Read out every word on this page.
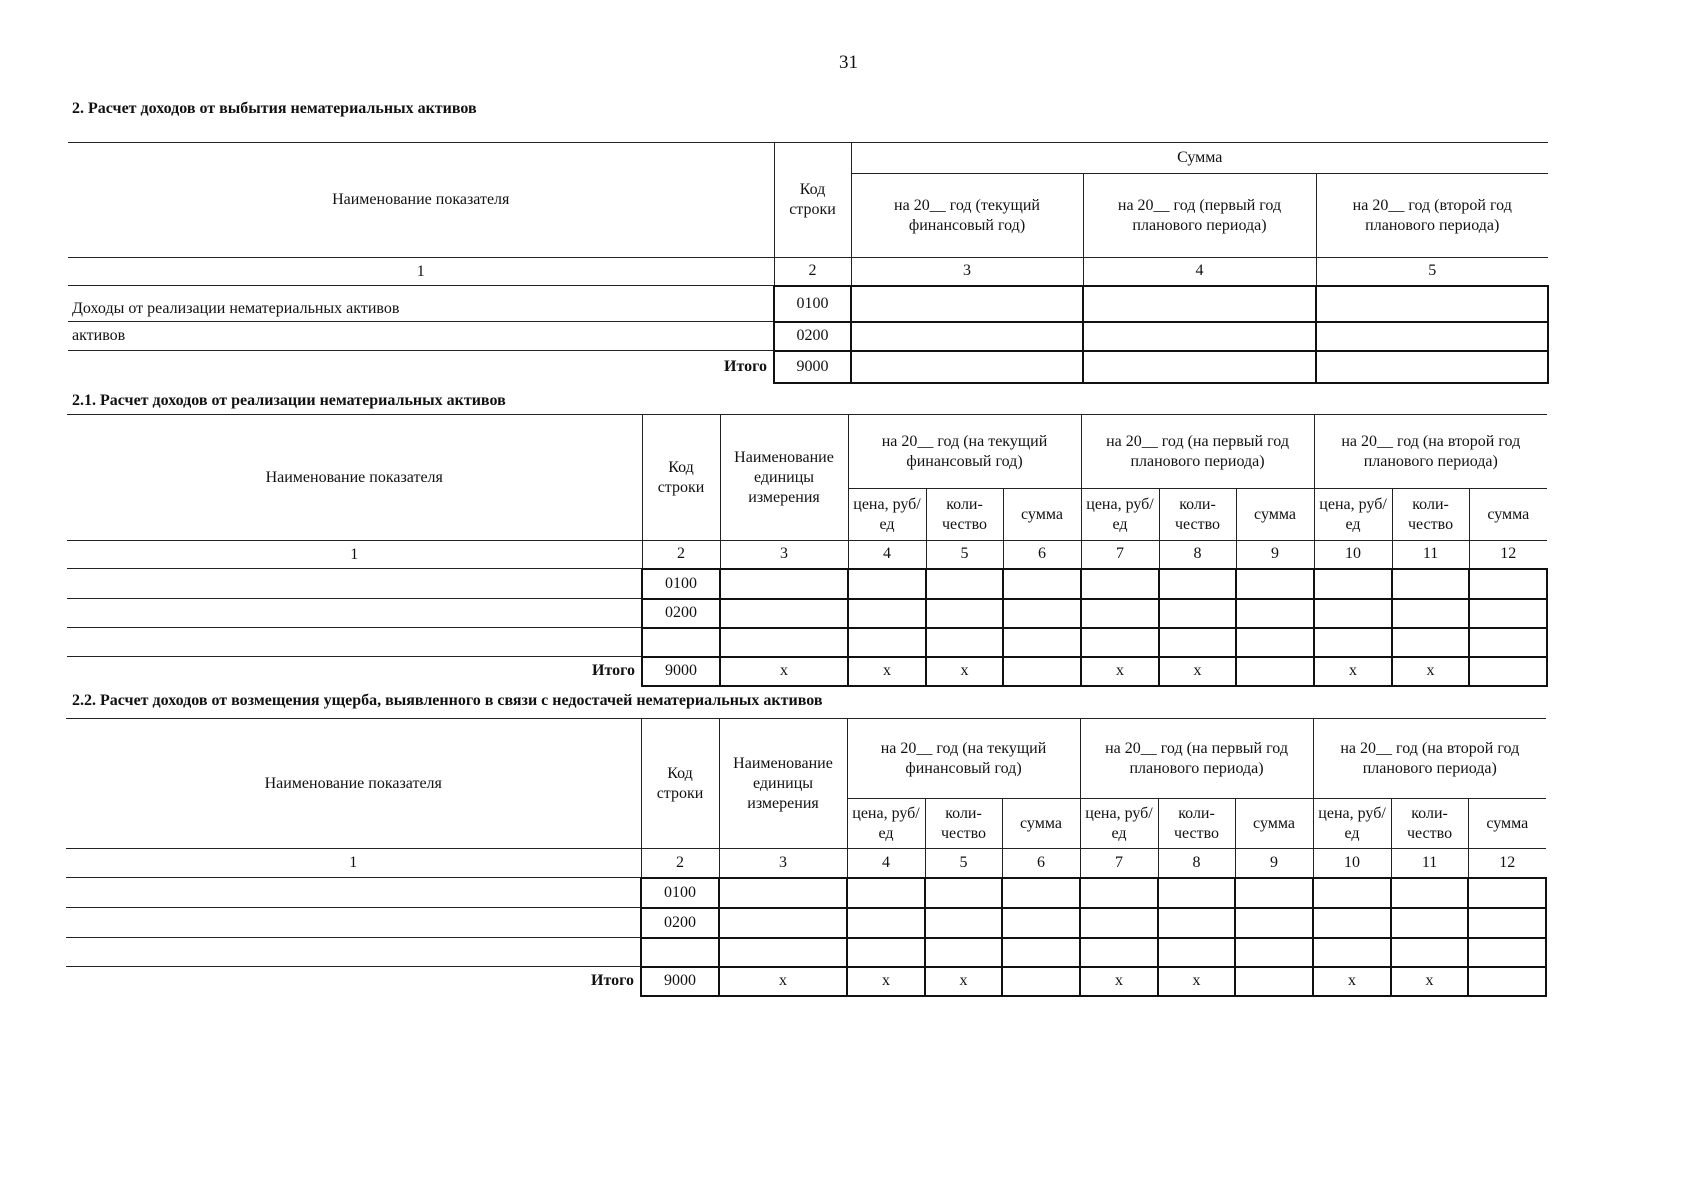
31
2. Расчет доходов от выбытия нематериальных активов
Наименование показателя	Код строки	Сумма		
		на 20__ год (текущий финансовый год)	на 20__ год (первый год планового периода)	на 20__ год (второй год планового периода)
1	2	3	4	5
Доходы от реализации нематериальных активов	0100			
активов	0200			
Итого	9000			
2.1. Расчет доходов от реализации нематериальных активов
Наименование показателя	Код строки	Наименование единицы измерения	на 20__ год (на текущий финансовый год)			на 20__ год (на первый год планового периода)			на 20__ год (на второй год планового периода)		
			цена, руб/ед	коли-чество	сумма	цена, руб/ед	коли-чество	сумма	цена, руб/ед	коли-чество	сумма
1	2	3	4	5	6	7	8	9	10	11	12
	0100										
	0200										

Итого	9000	x	x	x		x	x		x	x	
2.2. Расчет доходов от возмещения ущерба, выявленного в связи с недостачей нематериальных активов
Наименование показателя	Код строки	Наименование единицы измерения	на 20__ год (на текущий финансовый год)			на 20__ год (на первый год планового периода)			на 20__ год (на второй год планового периода)		
			цена, руб/ед	коли-чество	сумма	цена, руб/ед	коли-чество	сумма	цена, руб/ед	коли-чество	сумма
1	2	3	4	5	6	7	8	9	10	11	12
	0100										
	0200										

Итого	9000	x	x	x		x	x		x	x	
